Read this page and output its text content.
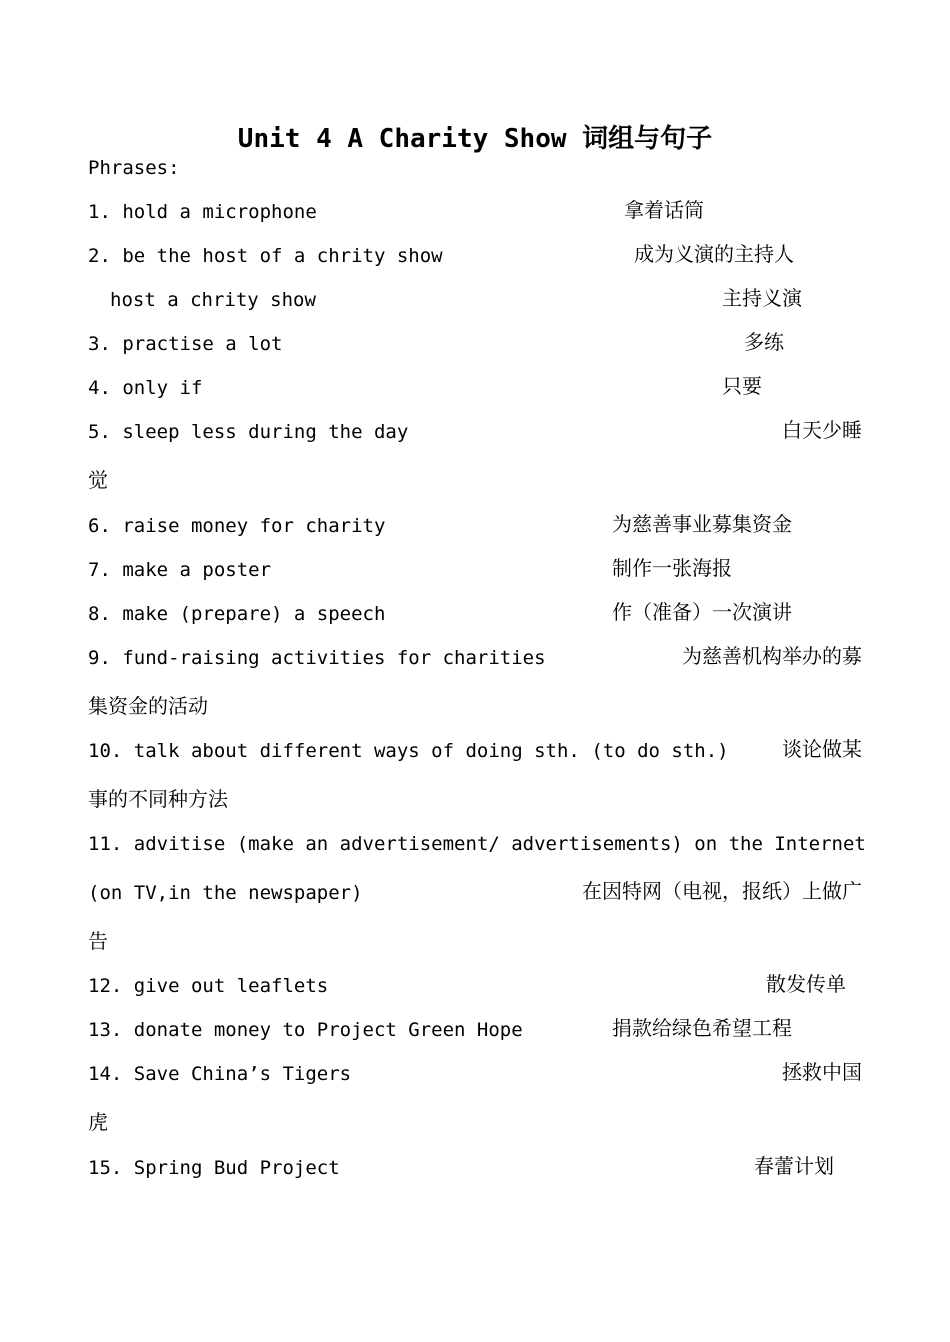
Unit 4 A Charity Show 词组与句子
Phrases:
1. hold a microphone	拿着话筒
2. be the host of a chrity show	成为义演的主持人
host a chrity show	主持义演
3. practise a lot	多练
4. only if	只要
5. sleep less during the day	白天少睡
觉
6. raise money for charity	为慈善事业募集资金
7. make a poster	制作一张海报
8. make (prepare) a speech	作（准备）一次演讲
9. fund-raising activities for charities	为慈善机构举办的募
集资金的活动
10. talk about different ways of doing sth. (to do sth.)	谈论做某
事的不同种方法
11. advitise (make an advertisement/ advertisements) on the Internet
(on TV,in the newspaper)	在因特网（电视，报纸）上做广
告
12. give out leaflets	散发传单
13. donate money to Project Green Hope	捐款给绿色希望工程
14. Save China’s Tigers	拯救中国
虎
15. Spring Bud Project	春蕾计划
